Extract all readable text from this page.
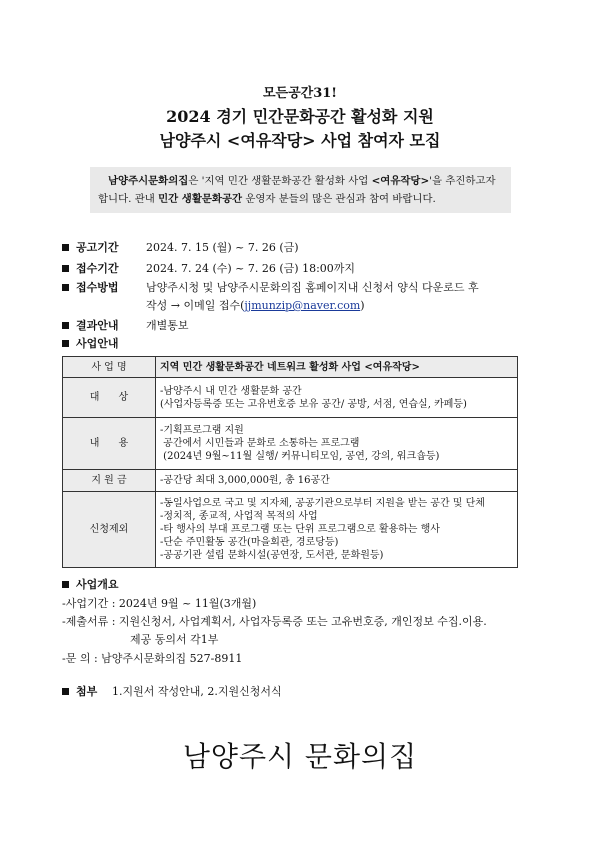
모든공간31!
2024 경기 민간문화공간 활성화 지원
남양주시 <여유작당> 사업 참여자 모집
남양주시문화의집은 '지역 민간 생활문화공간 활성화 사업 <여유작당>'을 추진하고자
합니다. 관내 민간 생활문화공간 운영자 분들의 많은 관심과 참여 바랍니다.
공고기간 2024. 7. 15 (월) ~ 7. 26 (금)
접수기간 2024. 7. 24 (수) ~ 7. 26 (금) 18:00까지
접수방법 남양주시청 및 남양주시문화의집 홈페이지내 신청서 양식 다운로드 후
작성 → 이메일 접수(jjmunzip@naver.com)
결과안내 개별통보
사업안내
사 업 명	지역 민간 생활문화공간 네트워크 활성화 사업 <여유작당>
대      상	-남양주시 내 민간 생활문화 공간
(사업자등록증 또는 고유번호증 보유 공간/ 공방, 서점, 연습실, 카페등)

내      용	-기획프로그램 지원
공간에서 시민들과 문화로 소통하는 프로그램
(2024년 9월~11월 실행/ 커뮤니티모임, 공연, 강의, 워크숍등)

지 원 금	-공간당 최대 3,000,000원, 총 16공간

신청제외	-동일사업으로 국고 및 지자체, 공공기관으로부터 지원을 받는 공간 및 단체
-정치적, 종교적, 사업적 목적의 사업
-타 행사의 부대 프로그램 또는 단위 프로그램으로 활용하는 행사
-단순 주민활동 공간(마을회관, 경로당등)
-공공기관 설립 문화시설(공연장, 도서관, 문화원등)
사업개요
-사업기간 : 2024년 9월 ~ 11월(3개월)
-제출서류 : 지원신청서, 사업계획서, 사업자등록증 또는 고유번호증, 개인정보 수집.이용.
제공 동의서 각1부
-문 의 : 남양주시문화의집 527-8911
첨부 1.지원서 작성안내, 2.지원신청서식
남양주시 문화의집
